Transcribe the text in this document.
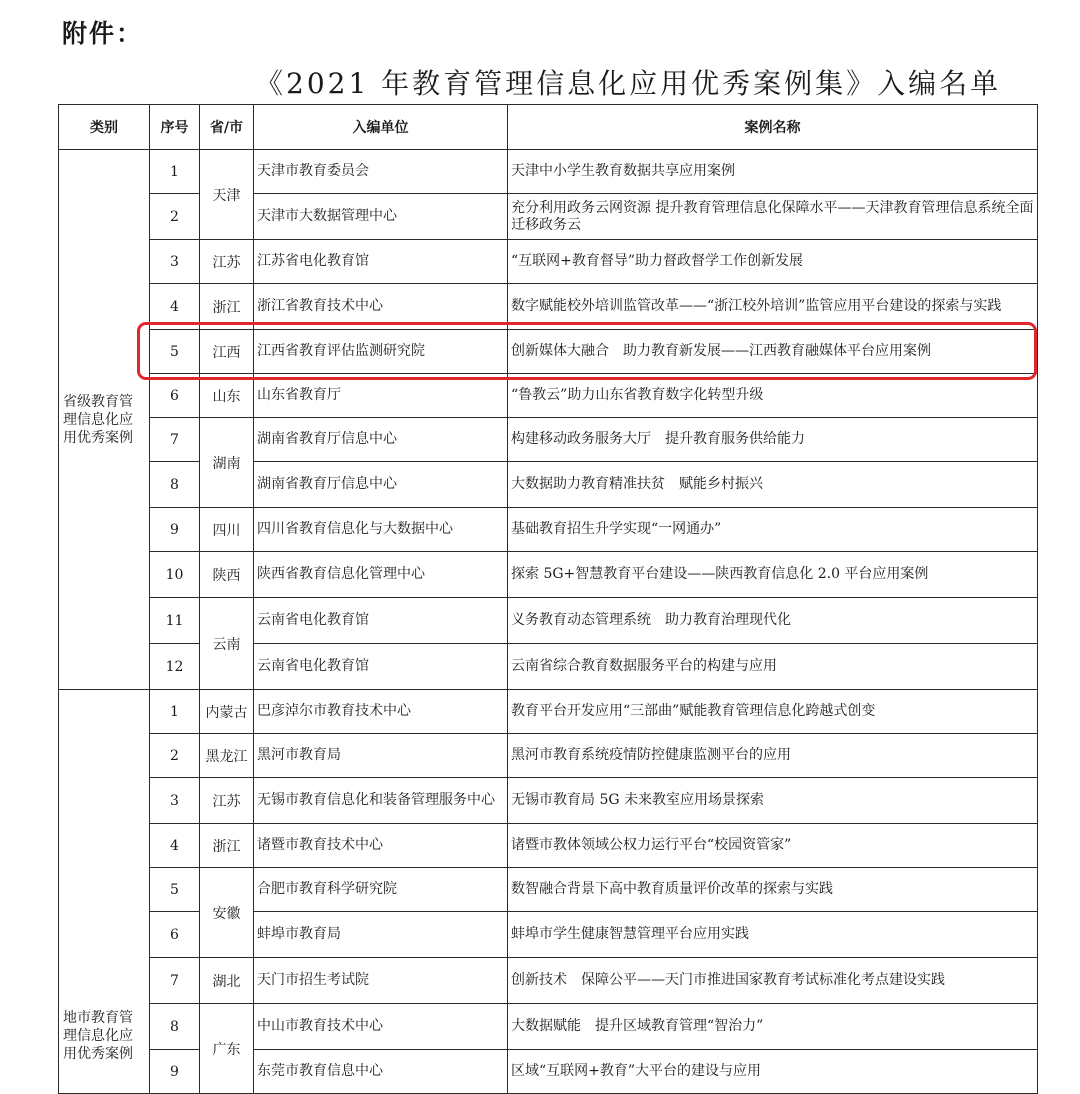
附件：
《2021 年教育管理信息化应用优秀案例集》入编名单
类别	序号	省/市	入编单位	案例名称
省级教育管理信息化应用优秀案例	1	天津	天津市教育委员会	天津中小学生教育数据共享应用案例
	2		天津市大数据管理中心	充分利用政务云网资源 提升教育管理信息化保障水平——天津教育管理信息系统全面迁移政务云
	3	江苏	江苏省电化教育馆	“互联网+教育督导”助力督政督学工作创新发展
	4	浙江	浙江省教育技术中心	数字赋能校外培训监管改革——“浙江校外培训”监管应用平台建设的探索与实践
	5	江西	江西省教育评估监测研究院	创新媒体大融合　助力教育新发展——江西教育融媒体平台应用案例
	6	山东	山东省教育厅	“鲁教云”助力山东省教育数字化转型升级
	7	湖南	湖南省教育厅信息中心	构建移动政务服务大厅　提升教育服务供给能力
	8		湖南省教育厅信息中心	大数据助力教育精准扶贫　赋能乡村振兴
	9	四川	四川省教育信息化与大数据中心	基础教育招生升学实现“一网通办”
	10	陕西	陕西省教育信息化管理中心	探索 5G+智慧教育平台建设——陕西教育信息化 2.0 平台应用案例
	11	云南	云南省电化教育馆	义务教育动态管理系统　助力教育治理现代化
	12		云南省电化教育馆	云南省综合教育数据服务平台的构建与应用
地市教育管理信息化应用优秀案例	1	内蒙古	巴彦淖尔市教育技术中心	教育平台开发应用“三部曲”赋能教育管理信息化跨越式创变
	2	黑龙江	黑河市教育局	黑河市教育系统疫情防控健康监测平台的应用
	3	江苏	无锡市教育信息化和装备管理服务中心	无锡市教育局 5G 未来教室应用场景探索
	4	浙江	诸暨市教育技术中心	诸暨市教体领域公权力运行平台“校园资管家”
	5	安徽	合肥市教育科学研究院	数智融合背景下高中教育质量评价改革的探索与实践
	6		蚌埠市教育局	蚌埠市学生健康智慧管理平台应用实践
	7	湖北	天门市招生考试院	创新技术　保障公平——天门市推进国家教育考试标准化考点建设实践
	8	广东	中山市教育技术中心	大数据赋能　提升区域教育管理“智治力”
	9		东莞市教育信息中心	区域“互联网+教育”大平台的建设与应用
